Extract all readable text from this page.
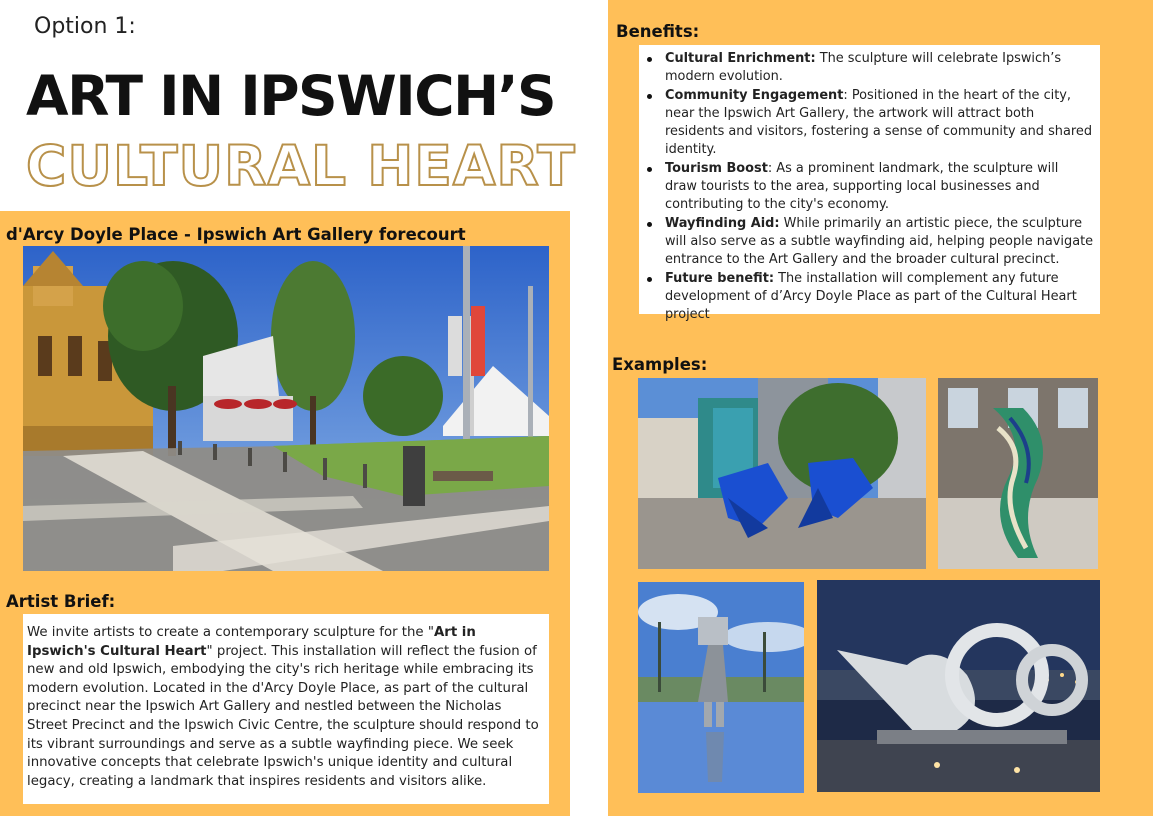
Option 1:
ART IN IPSWICH’S
CULTURAL HEART
d'Arcy Doyle Place - Ipswich Art Gallery forecourt
Artist Brief:
We invite artists to create a contemporary sculpture for the "Art in Ipswich's Cultural Heart" project. This installation will reflect the fusion of new and old Ipswich, embodying the city's rich heritage while embracing its modern evolution. Located in the d'Arcy Doyle Place, as part of the cultural precinct near the Ipswich Art Gallery and nestled between the Nicholas Street Precinct and the Ipswich Civic Centre, the sculpture should respond to its vibrant surroundings and serve as a subtle wayfinding piece. We seek innovative concepts that celebrate Ipswich's unique identity and cultural legacy, creating a landmark that inspires residents and visitors alike.
Benefits:
Cultural Enrichment: The sculpture will celebrate Ipswich’s modern evolution.
Community Engagement: Positioned in the heart of the city, near the Ipswich Art Gallery, the artwork will attract both residents and visitors, fostering a sense of community and shared identity.
Tourism Boost: As a prominent landmark, the sculpture will draw tourists to the area, supporting local businesses and contributing to the city's economy.
Wayfinding Aid: While primarily an artistic piece, the sculpture will also serve as a subtle wayfinding aid, helping people navigate entrance to the Art Gallery and the broader cultural precinct.
Future benefit: The installation will complement any future development of d’Arcy Doyle Place as part of the Cultural Heart project
Examples:
